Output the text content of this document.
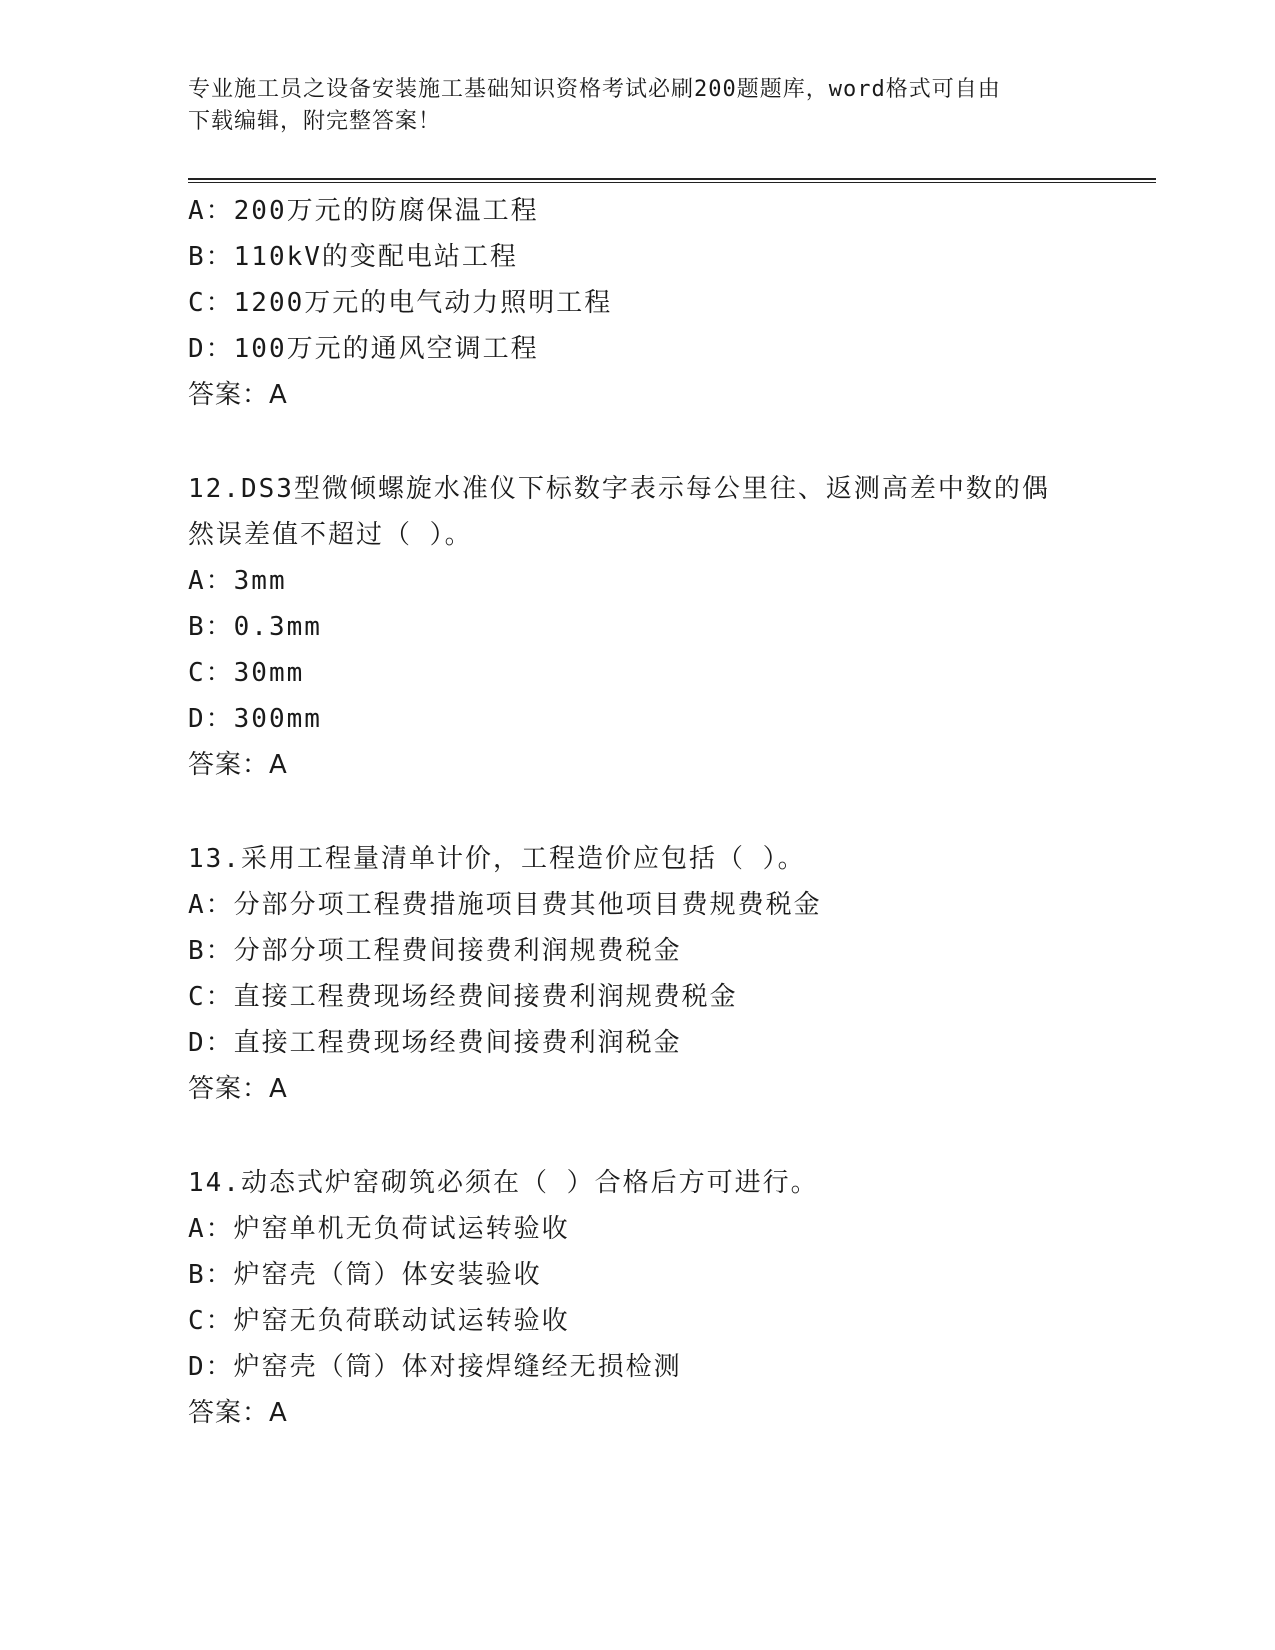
专业施工员之设备安装施工基础知识资格考试必刷200题题库，word格式可自由
下载编辑，附完整答案！
A：200万元的防腐保温工程
B：110kV的变配电站工程
C：1200万元的电气动力照明工程
D：100万元的通风空调工程
答案：A
12.DS3型微倾螺旋水准仪下标数字表示每公里往、返测高差中数的偶
然误差值不超过（ ）。
A：3mm
B：0.3mm
C：30mm
D：300mm
答案：A
13.采用工程量清单计价，工程造价应包括（ ）。
A：分部分项工程费措施项目费其他项目费规费税金
B：分部分项工程费间接费利润规费税金
C：直接工程费现场经费间接费利润规费税金
D：直接工程费现场经费间接费利润税金
答案：A
14.动态式炉窑砌筑必须在（ ）合格后方可进行。
A：炉窑单机无负荷试运转验收
B：炉窑壳（筒）体安装验收
C：炉窑无负荷联动试运转验收
D：炉窑壳（筒）体对接焊缝经无损检测
答案：A
